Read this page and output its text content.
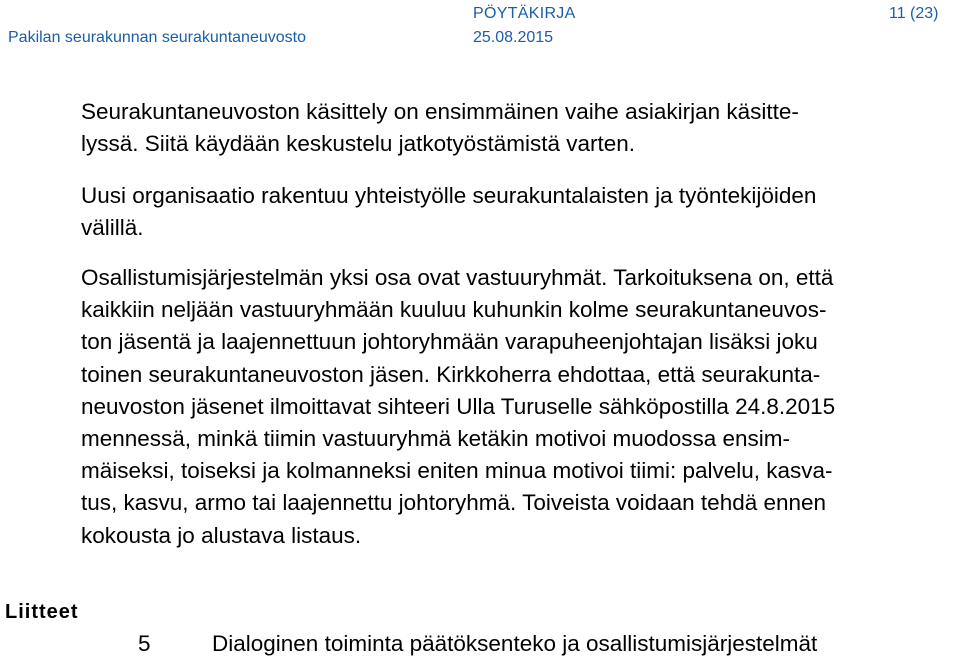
PÖYTÄKIRJA	11 (23)
Pakilan seurakunnan seurakuntaneuvosto	25.08.2015

Seurakuntaneuvoston käsittely on ensimmäinen vaihe asiakirjan käsitte-
lyssä. Siitä käydään keskustelu jatkotyöstämistä varten.

Uusi organisaatio rakentuu yhteistyölle seurakuntalaisten ja työntekijöiden
välillä.

Osallistumisjärjestelmän yksi osa ovat vastuuryhmät. Tarkoituksena on, että
kaikkiin neljään vastuuryhmään kuuluu kuhunkin kolme seurakuntaneuvos-
ton jäsentä ja laajennettuun johtoryhmään varapuheenjohtajan lisäksi joku
toinen seurakuntaneuvoston jäsen. Kirkkoherra ehdottaa, että seurakunta-
neuvoston jäsenet ilmoittavat sihteeri Ulla Turuselle sähköpostilla 24.8.2015
mennessä, minkä tiimin vastuuryhmä ketäkin motivoi muodossa ensim-
mäiseksi, toiseksi ja kolmanneksi eniten minua motivoi tiimi: palvelu, kasva-
tus, kasvu, armo tai laajennettu johtoryhmä. Toiveista voidaan tehdä ennen
kokousta jo alustava listaus.

Liitteet
5	Dialoginen toiminta päätöksenteko ja osallistumisjärjestelmät
